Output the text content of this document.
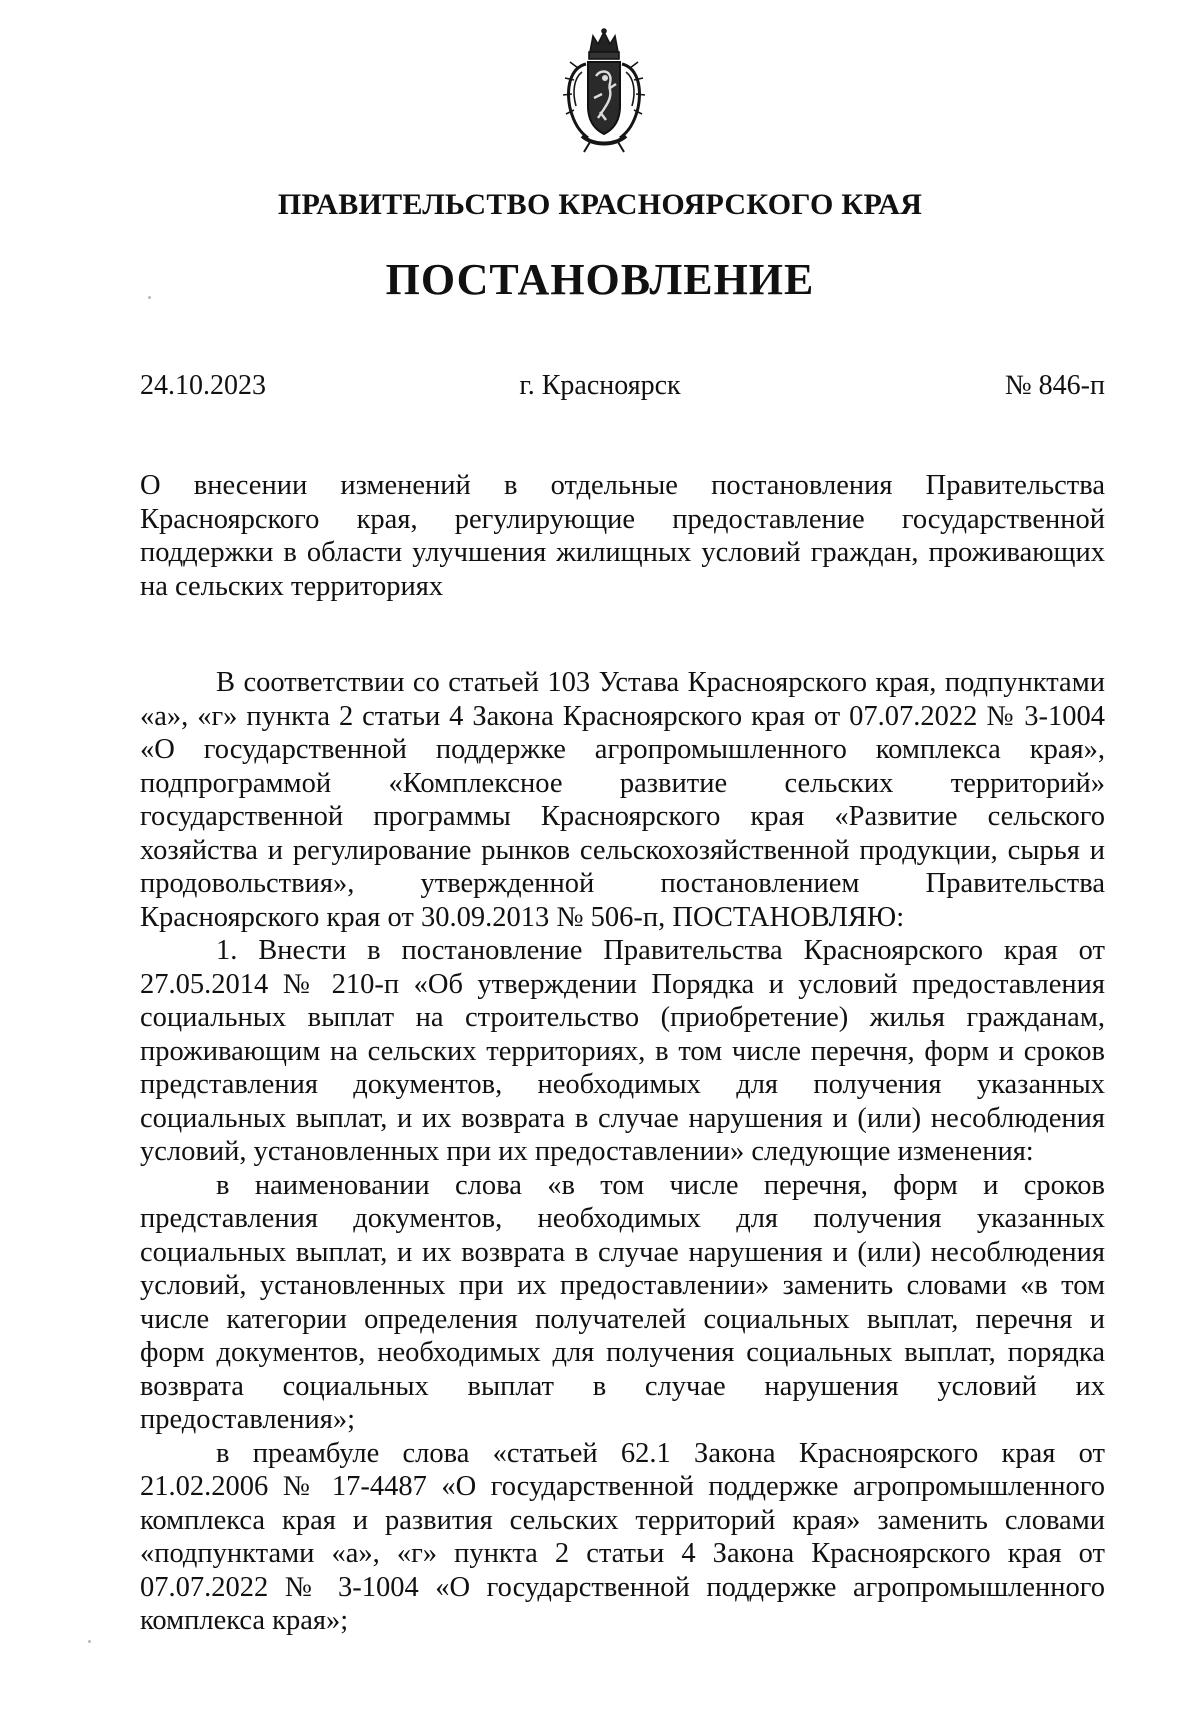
ПРАВИТЕЛЬСТВО КРАСНОЯРСКОГО КРАЯ
ПОСТАНОВЛЕНИЕ
г. Красноярск
24.10.2023	№ 846-п
О внесении изменений в отдельные постановления Правительства Красноярского края, регулирующие предоставление государственной поддержки в области улучшения жилищных условий граждан, проживающих на сельских территориях

В соответствии со статьей 103 Устава Красноярского края, подпунктами «а», «г» пункта 2 статьи 4 Закона Красноярского края от 07.07.2022 № 3-1004 «О государственной поддержке агропромышленного комплекса края», подпрограммой «Комплексное развитие сельских территорий» государственной программы Красноярского края «Развитие сельского хозяйства и регулирование рынков сельскохозяйственной продукции, сырья и продовольствия», утвержденной постановлением Правительства Красноярского края от 30.09.2013 № 506-п, ПОСТАНОВЛЯЮ:

1. Внести в постановление Правительства Красноярского края от 27.05.2014 № 210-п «Об утверждении Порядка и условий предоставления социальных выплат на строительство (приобретение) жилья гражданам, проживающим на сельских территориях, в том числе перечня, форм и сроков представления документов, необходимых для получения указанных социальных выплат, и их возврата в случае нарушения и (или) несоблюдения условий, установленных при их предоставлении» следующие изменения:

в наименовании слова «в том числе перечня, форм и сроков представления документов, необходимых для получения указанных социальных выплат, и их возврата в случае нарушения и (или) несоблюдения условий, установленных при их предоставлении» заменить словами «в том числе категории определения получателей социальных выплат, перечня и форм документов, необходимых для получения социальных выплат, порядка возврата социальных выплат в случае нарушения условий их предоставления»;

в преамбуле слова «статьей 62.1 Закона Красноярского края от 21.02.2006 № 17-4487 «О государственной поддержке агропромышленного комплекса края и развития сельских территорий края» заменить словами «подпунктами «а», «г» пункта 2 статьи 4 Закона Красноярского края от 07.07.2022 № 3-1004 «О государственной поддержке агропромышленного комплекса края»;
